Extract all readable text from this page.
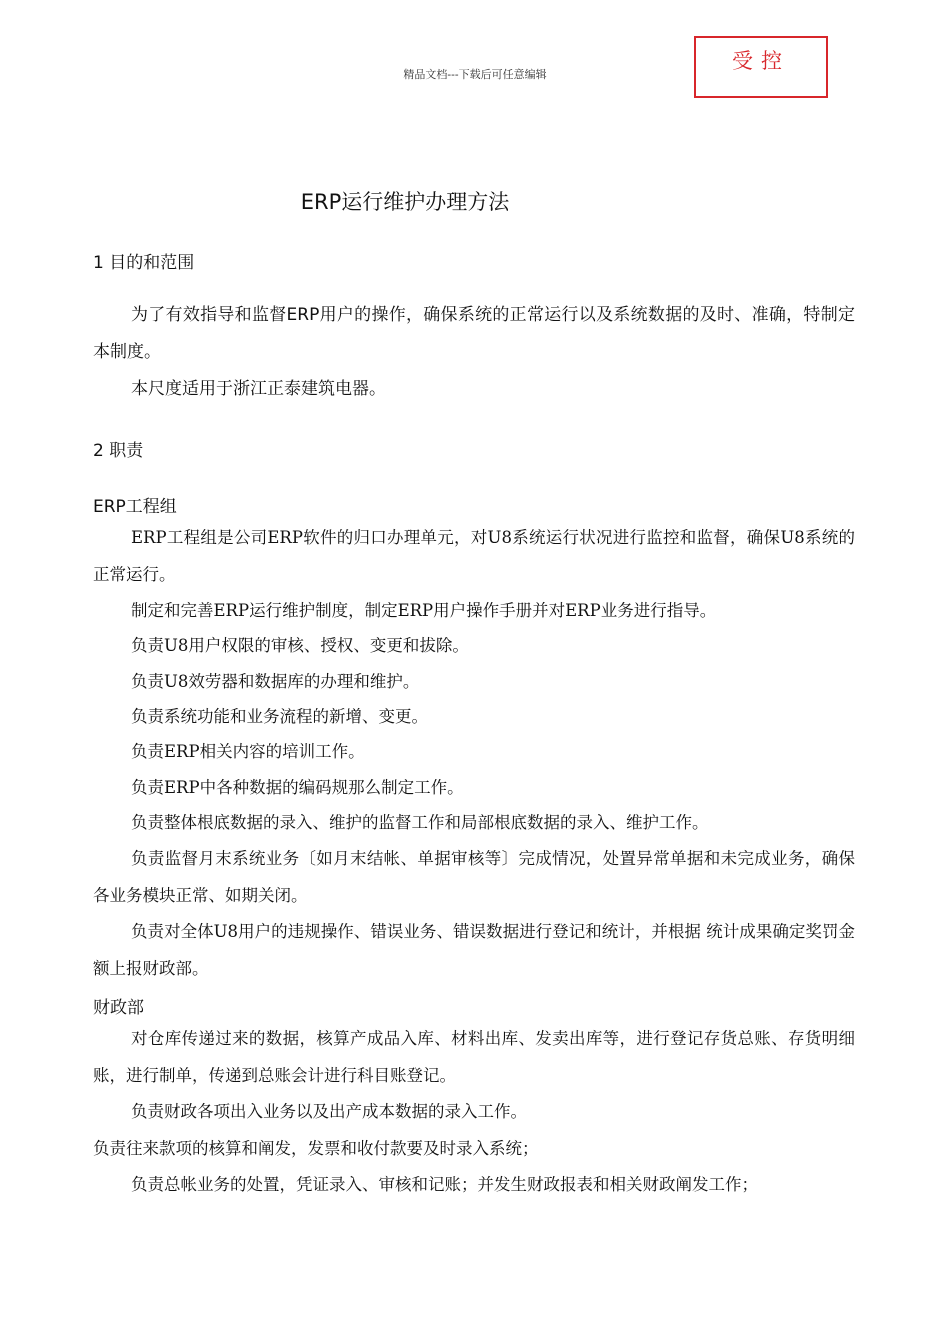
精品文档---下载后可任意编辑
受控
ERP运行维护办理方法
1 目的和范围
为了有效指导和监督ERP用户的操作，确保系统的正常运行以及系统数据的及时、准确，特制定本制度。
本尺度适用于浙江正泰建筑电器。
2 职责
ERP工程组
ERP工程组是公司ERP软件的归口办理单元，对U8系统运行状况进行监控和监督，确保U8系统的正常运行。
制定和完善ERP运行维护制度，制定ERP用户操作手册并对ERP业务进行指导。
负责U8用户权限的审核、授权、变更和拔除。
负责U8效劳器和数据库的办理和维护。
负责系统功能和业务流程的新增、变更。
负责ERP相关内容的培训工作。
负责ERP中各种数据的编码规那么制定工作。
负责整体根底数据的录入、维护的监督工作和局部根底数据的录入、维护工作。
负责监督月末系统业务〔如月末结帐、单据审核等〕完成情况，处置异常单据和未完成业务，确保各业务模块正常、如期关闭。
负责对全体U8用户的违规操作、错误业务、错误数据进行登记和统计，并根据 统计成果确定奖罚金额上报财政部。
财政部
对仓库传递过来的数据，核算产成品入库、材料出库、发卖出库等，进行登记存货总账、存货明细账，进行制单，传递到总账会计进行科目账登记。
负责财政各项出入业务以及出产成本数据的录入工作。
负责往来款项的核算和阐发，发票和收付款要及时录入系统；
负责总帐业务的处置，凭证录入、审核和记账；并发生财政报表和相关财政阐发工作；
